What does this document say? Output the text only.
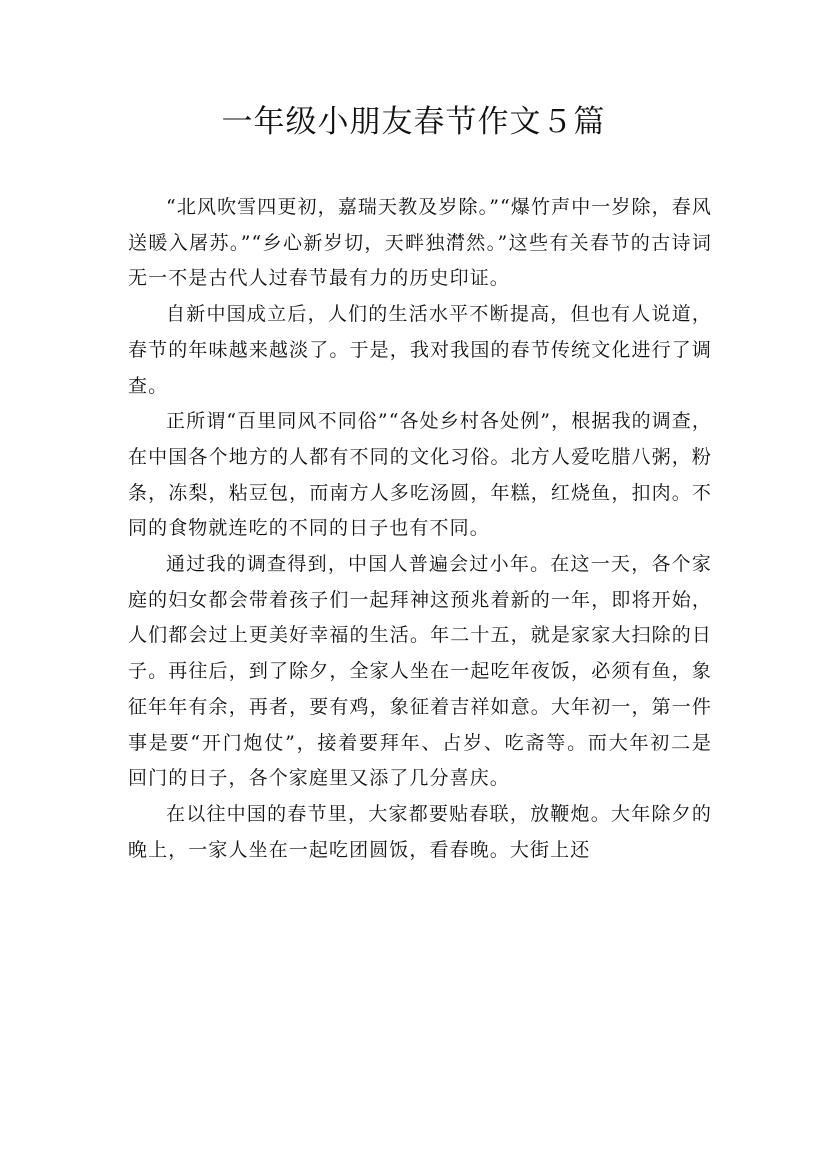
一年级小朋友春节作文５篇

“北风吹雪四更初，嘉瑞天教及岁除。”“爆竹声中一岁除，春风送暖入屠苏。”“乡心新岁切，天畔独潸然。”这些有关春节的古诗词无一不是古代人过春节最有力的历史印证。

自新中国成立后，人们的生活水平不断提高，但也有人说道，春节的年味越来越淡了。于是，我对我国的春节传统文化进行了调查。

正所谓“百里同风不同俗”“各处乡村各处例”，根据我的调查，在中国各个地方的人都有不同的文化习俗。北方人爱吃腊八粥，粉条，冻梨，粘豆包，而南方人多吃汤圆，年糕，红烧鱼，扣肉。不同的食物就连吃的不同的日子也有不同。

通过我的调查得到，中国人普遍会过小年。在这一天，各个家庭的妇女都会带着孩子们一起拜神这预兆着新的一年，即将开始，人们都会过上更美好幸福的生活。年二十五，就是家家大扫除的日子。再往后，到了除夕，全家人坐在一起吃年夜饭，必须有鱼，象征年年有余，再者，要有鸡，象征着吉祥如意。大年初一，第一件事是要“开门炮仗”，接着要拜年、占岁、吃斋等。而大年初二是回门的日子，各个家庭里又添了几分喜庆。

在以往中国的春节里，大家都要贴春联，放鞭炮。大年除夕的晚上，一家人坐在一起吃团圆饭，看春晚。大街上还
